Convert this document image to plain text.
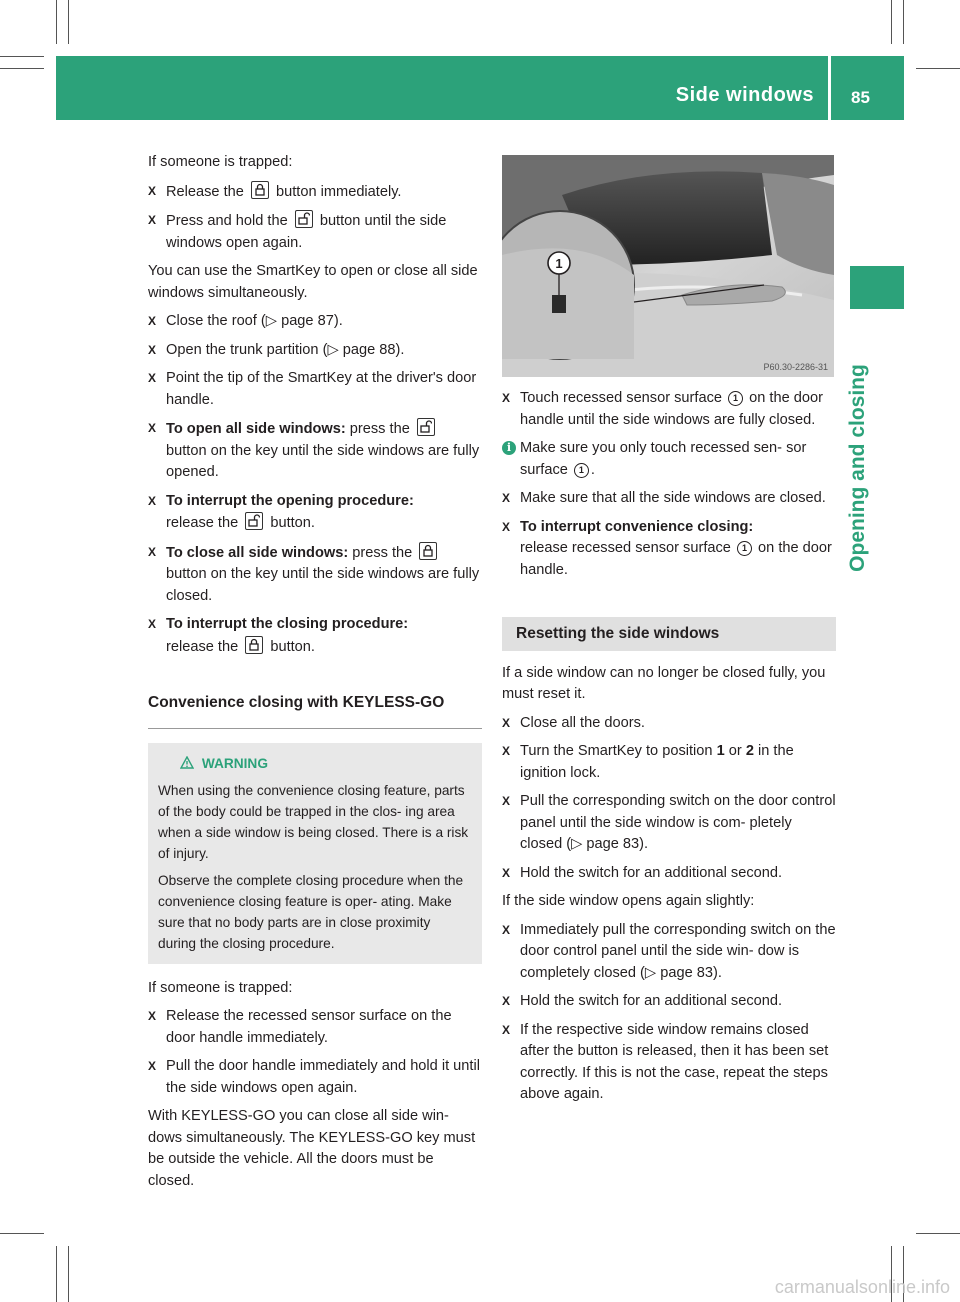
Side windows 85
Opening and closing

If someone is trapped:

X Release the button immediately.
X Press and hold the button until the side windows open again.

You can use the SmartKey to open or close all side windows simultaneously.

X Close the roof (▷ page 87).
X Open the trunk partition (▷ page 88).
X Point the tip of the SmartKey at the driver's door handle.
X To open all side windows: press the
button on the key until the side windows are fully opened.
X To interrupt the opening procedure:
release the button.
X To close all side windows: press the
button on the key until the side windows are fully closed.
X To interrupt the closing procedure:
release the button.
Convenience closing with KEYLESS-GO
WARNING

When using the convenience closing feature, parts of the body could be trapped in the clos- ing area when a side window is being closed. There is a risk of injury.

Observe the complete closing procedure when the convenience closing feature is oper- ating. Make sure that no body parts are in close proximity during the closing procedure.

If someone is trapped:

X Release the recessed sensor surface on the door handle immediately.
X Pull the door handle immediately and hold it until the side windows open again.

With KEYLESS-GO you can close all side win- dows simultaneously. The KEYLESS-GO key must be outside the vehicle. All the doors must be closed.

1
P60.30-2286-31
X Touch recessed sensor surface 1 on the door handle until the side windows are fully closed.
i Make sure you only touch recessed sen- sor surface 1 .
X Make sure that all the side windows are closed.
X To interrupt convenience closing:
release recessed sensor surface 1 on the door handle.
Resetting the side windows

If a side window can no longer be closed fully, you must reset it.

X Close all the doors.
X Turn the SmartKey to position 1 or 2 in the ignition lock.
X Pull the corresponding switch on the door control panel until the side window is com- pletely closed (▷ page 83).
X Hold the switch for an additional second.

If the side window opens again slightly:

X Immediately pull the corresponding switch on the door control panel until the side win- dow is completely closed (▷ page 83).
X Hold the switch for an additional second.
X If the respective side window remains closed after the button is released, then it has been set correctly. If this is not the case, repeat the steps above again.
carmanualsonline.info
